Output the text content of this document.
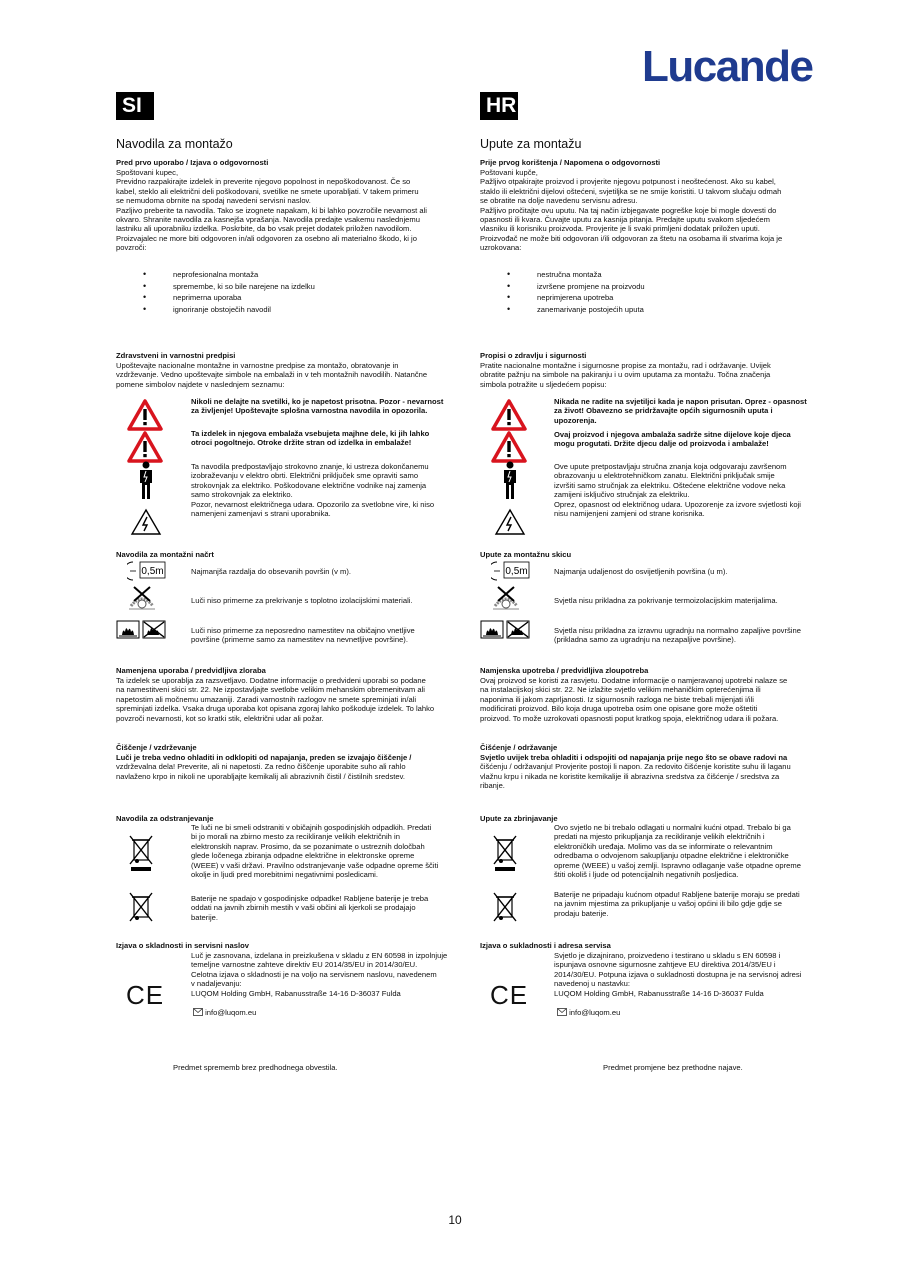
Lucande
SI
Navodila za montažo
Pred prvo uporabo / Izjava o odgovornosti
Spoštovani kupec,
Previdno razpakirajte izdelek in preverite njegovo popolnost in nepoškodovanost. Če so
kabel, steklo ali električni deli poškodovani, svetilke ne smete uporabljati. V takem primeru
se nemudoma obrnite na spodaj navedeni servisni naslov.
Pazljivo preberite ta navodila. Tako se izognete napakam, ki bi lahko povzročile nevarnost ali
okvaro. Shranite navodila za kasnejša vprašanja. Navodila predajte vsakemu naslednjemu
lastniku ali uporabniku izdelka. Poskrbite, da bo vsak prejet dodatek priložen navodilom.
Proizvajalec ne more biti odgovoren in/ali odgovoren za osebno ali materialno škodo, ki jo
povzroči:
• neprofesionalna montaža
• spremembe, ki so bile narejene na izdelku
• neprimerna uporaba
• ignoriranje obstoječih navodil
Zdravstveni in varnostni predpisi
Upoštevajte nacionalne montažne in varnostne predpise za montažo, obratovanje in
vzdrževanje. Vedno upoštevajte simbole na embalaži in v teh montažnih navodilih. Natančne
pomene simbolov najdete v naslednjem seznamu:
Nikoli ne delajte na svetilki, ko je napetost prisotna. Pozor - nevarnost
za življenje! Upoštevajte splošna varnostna navodila in opozorila.
Ta izdelek in njegova embalaža vsebujeta majhne dele, ki jih lahko
otroci pogoltnejo. Otroke držite stran od izdelka in embalaže!
Ta navodila predpostavljajo strokovno znanje, ki ustreza dokončanemu
izobraževanju v elektro obrti. Električni priključek sme opraviti samo
strokovnjak za elektriko. Poškodovane električne vodnike naj zamenja
samo strokovnjak za elektriko.
Pozor, nevarnost električnega udara. Opozorilo za svetlobne vire, ki niso
namenjeni zamenjavi s strani uporabnika.
Navodila za montažni načrt
0,5m	Najmanjša razdalja do obsevanih površin (v m).
Luči niso primerne za prekrivanje s toplotno izolacijskimi materiali.
Luči niso primerne za neposredno namestitev na običajno vnetljive
površine (primerne samo za namestitev na nevnetljive površine).
Namenjena uporaba / predvidljiva zloraba
Ta izdelek se uporablja za razsvetljavo. Dodatne informacije o predvideni uporabi so podane
na namestitveni skici str. 22. Ne izpostavljajte svetlobe velikim mehanskim obremenitvam ali
napetostim ali močnemu umazaniji. Zaradi varnostnih razlogov ne smete spreminjati in/ali
spreminjati izdelka. Vsaka druga uporaba kot opisana zgoraj lahko poškoduje izdelek. To lahko
povzroči nevarnosti, kot so kratki stik, električni udar ali požar.
Čiščenje / vzdrževanje
Luči je treba vedno ohladiti in odklopiti od napajanja, preden se izvajajo čiščenje /
vzdrževalna dela! Preverite, ali ni napetosti. Za redno čiščenje uporabite suho ali rahlo
navlaženo krpo in nikoli ne uporabljajte kemikalij ali abrazivnih čistil / čistilnih sredstev.
Navodila za odstranjevanje
Te luči ne bi smeli odstraniti v običajnih gospodinjskih odpadkih. Predati
bi jo morali na zbirno mesto za recikliranje velikih električnih in
elektronskih naprav. Prosimo, da se pozanimate o ustreznih določbah
glede ločenega zbiranja odpadne električne in elektronske opreme
(WEEE) v vaši državi. Pravilno odstranjevanje vaše odpadne opreme ščiti
okolje in ljudi pred morebitnimi negativnimi posledicami.
Baterije ne spadajo v gospodinjske odpadke! Rabljene baterije je treba
oddati na javnih zbirnih mestih v vaši občini ali kjerkoli se prodajajo
baterije.
Izjava o skladnosti in servisni naslov
CE
Luč je zasnovana, izdelana in preizkušena v skladu z EN 60598 in izpolnjuje
temeljne varnostne zahteve direktiv EU 2014/35/EU in 2014/30/EU.
Celotna izjava o skladnosti je na voljo na servisnem naslovu, navedenem
v nadaljevanju:
LUQOM Holding GmbH, Rabanusstraße 14-16 D-36037 Fulda
info@luqom.eu
Predmet sprememb brez predhodnega obvestila.
HR
Upute za montažu
Prije prvog korištenja / Napomena o odgovornosti
Poštovani kupče,
Pažljivo otpakirajte proizvod i provjerite njegovu potpunost i neoštećenost. Ako su kabel,
staklo ili električni dijelovi oštećeni, svjetiljka se ne smije koristiti. U takvom slučaju odmah
se obratite na dolje navedenu servisnu adresu.
Pažljivo pročitajte ovu uputu. Na taj način izbjegavate pogreške koje bi mogle dovesti do
opasnosti ili kvara. Čuvajte uputu za kasnija pitanja. Predajte uputu svakom sljedećem
vlasniku ili korisniku proizvoda. Provjerite je li svaki primljeni dodatak priložen uputi.
Proizvođač ne može biti odgovoran i/ili odgovoran za štetu na osobama ili stvarima koja je
uzrokovana:
• nestručna montaža
• izvršene promjene na proizvodu
• neprimjerena upotreba
• zanemarivanje postojećih uputa
Propisi o zdravlju i sigurnosti
Pratite nacionalne montažne i sigurnosne propise za montažu, rad i održavanje. Uvijek
obratite pažnju na simbole na pakiranju i u ovim uputama za montažu. Točna značenja
simbola potražite u sljedećem popisu:
Nikada ne radite na svjetiljci kada je napon prisutan. Oprez - opasnost
za život! Obavezno se pridržavajte općih sigurnosnih uputa i
upozorenja.
Ovaj proizvod i njegova ambalaža sadrže sitne dijelove koje djeca
mogu progutati. Držite djecu dalje od proizvoda i ambalaže!
Ove upute pretpostavljaju stručna znanja koja odgovaraju završenom
obrazovanju u elektrotehničkom zanatu. Električni priključak smije
izvršiti samo stručnjak za elektriku. Oštećene električne vodove neka
zamijeni isključivo stručnjak za elektriku.
Oprez, opasnost od električnog udara. Upozorenje za izvore svjetlosti koji
nisu namijenjeni zamjeni od strane korisnika.
Upute za montažnu skicu
0,5m	Najmanja udaljenost do osvijetljenih površina (u m).
Svjetla nisu prikladna za pokrivanje termoizolacijskim materijalima.
Svjetla nisu prikladna za izravnu ugradnju na normalno zapaljive površine
(prikladna samo za ugradnju na nezapaljive površine).
Namjenska upotreba / predvidljiva zloupotreba
Ovaj proizvod se koristi za rasvjetu. Dodatne informacije o namjeravanoj upotrebi nalaze se
na instalacijskoj skici str. 22. Ne izlažite svjetlo velikim mehaničkim opterećenjima ili
naponima ili jakom zaprljanosti. Iz sigurnosnih razloga ne biste trebali mijenjati i/ili
modificirati proizvod. Bilo koja druga upotreba osim one opisane gore može oštetiti
proizvod. To može uzrokovati opasnosti poput kratkog spoja, električnog udara ili požara.
Čišćenje / održavanje
Svjetlo uvijek treba ohladiti i odspojiti od napajanja prije nego što se obave radovi na
čišćenju / održavanju! Provjerite postoji li napon. Za redovito čišćenje koristite suhu ili laganu
vlažnu krpu i nikada ne koristite kemikalije ili abrazivna sredstva za čišćenje / sredstva za
ribanje.
Upute za zbrinjavanje
Ovo svjetlo ne bi trebalo odlagati u normalni kućni otpad. Trebalo bi ga
predati na mjesto prikupljanja za recikliranje velikih električnih i
elektroničkih uređaja. Molimo vas da se informirate o relevantnim
odredbama o odvojenom sakupljanju otpadne električne i elektroničke
opreme (WEEE) u vašoj zemlji. Ispravno odlaganje vaše otpadne opreme
štiti okoliš i ljude od potencijalnih negativnih posljedica.
Baterije ne pripadaju kućnom otpadu! Rabljene baterije moraju se predati
na javnim mjestima za prikupljanje u vašoj općini ili bilo gdje gdje se
prodaju baterije.
Izjava o sukladnosti i adresa servisa
CE
Svjetlo je dizajnirano, proizvedeno i testirano u skladu s EN 60598 i
ispunjava osnovne sigurnosne zahtjeve EU direktiva 2014/35/EU i
2014/30/EU. Potpuna izjava o sukladnosti dostupna je na servisnoj adresi
navedenoj u nastavku:
LUQOM Holding GmbH, Rabanusstraße 14-16 D-36037 Fulda
info@luqom.eu
Predmet promjene bez prethodne najave.
10
